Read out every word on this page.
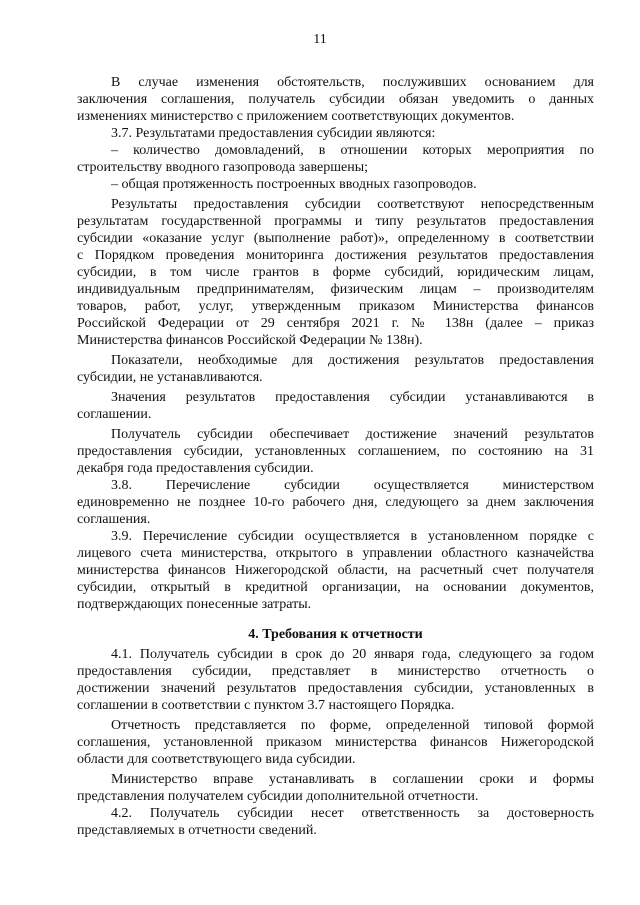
11
В случае изменения обстоятельств, послуживших основанием для
заключения соглашения, получатель субсидии обязан уведомить о данных
изменениях министерство с приложением соответствующих документов.
3.7. Результатами предоставления субсидии являются:
– количество домовладений, в отношении которых мероприятия по
строительству вводного газопровода завершены;
– общая протяженность построенных вводных газопроводов.
Результаты предоставления субсидии соответствуют непосредственным
результатам государственной программы и типу результатов предоставления
субсидии «оказание услуг (выполнение работ)», определенному в соответствии
с Порядком проведения мониторинга достижения результатов предоставления
субсидии, в том числе грантов в форме субсидий, юридическим лицам,
индивидуальным предпринимателям, физическим лицам – производителям
товаров, работ, услуг, утвержденным приказом Министерства финансов
Российской Федерации от 29 сентября 2021 г. № 138н (далее – приказ
Министерства финансов Российской Федерации № 138н).
Показатели, необходимые для достижения результатов предоставления
субсидии, не устанавливаются.
Значения результатов предоставления субсидии устанавливаются в
соглашении.
Получатель субсидии обеспечивает достижение значений результатов
предоставления субсидии, установленных соглашением, по состоянию на 31
декабря года предоставления субсидии.
3.8. Перечисление субсидии осуществляется министерством
единовременно не позднее 10-го рабочего дня, следующего за днем заключения
соглашения.
3.9. Перечисление субсидии осуществляется в установленном порядке с
лицевого счета министерства, открытого в управлении областного казначейства
министерства финансов Нижегородской области, на расчетный счет получателя
субсидии, открытый в кредитной организации, на основании документов,
подтверждающих понесенные затраты.
4. Требования к отчетности
4.1. Получатель субсидии в срок до 20 января года, следующего за годом
предоставления субсидии, представляет в министерство отчетность о
достижении значений результатов предоставления субсидии, установленных в
соглашении в соответствии с пунктом 3.7 настоящего Порядка.
Отчетность представляется по форме, определенной типовой формой
соглашения, установленной приказом министерства финансов Нижегородской
области для соответствующего вида субсидии.
Министерство вправе устанавливать в соглашении сроки и формы
представления получателем субсидии дополнительной отчетности.
4.2. Получатель субсидии несет ответственность за достоверность
представляемых в отчетности сведений.
